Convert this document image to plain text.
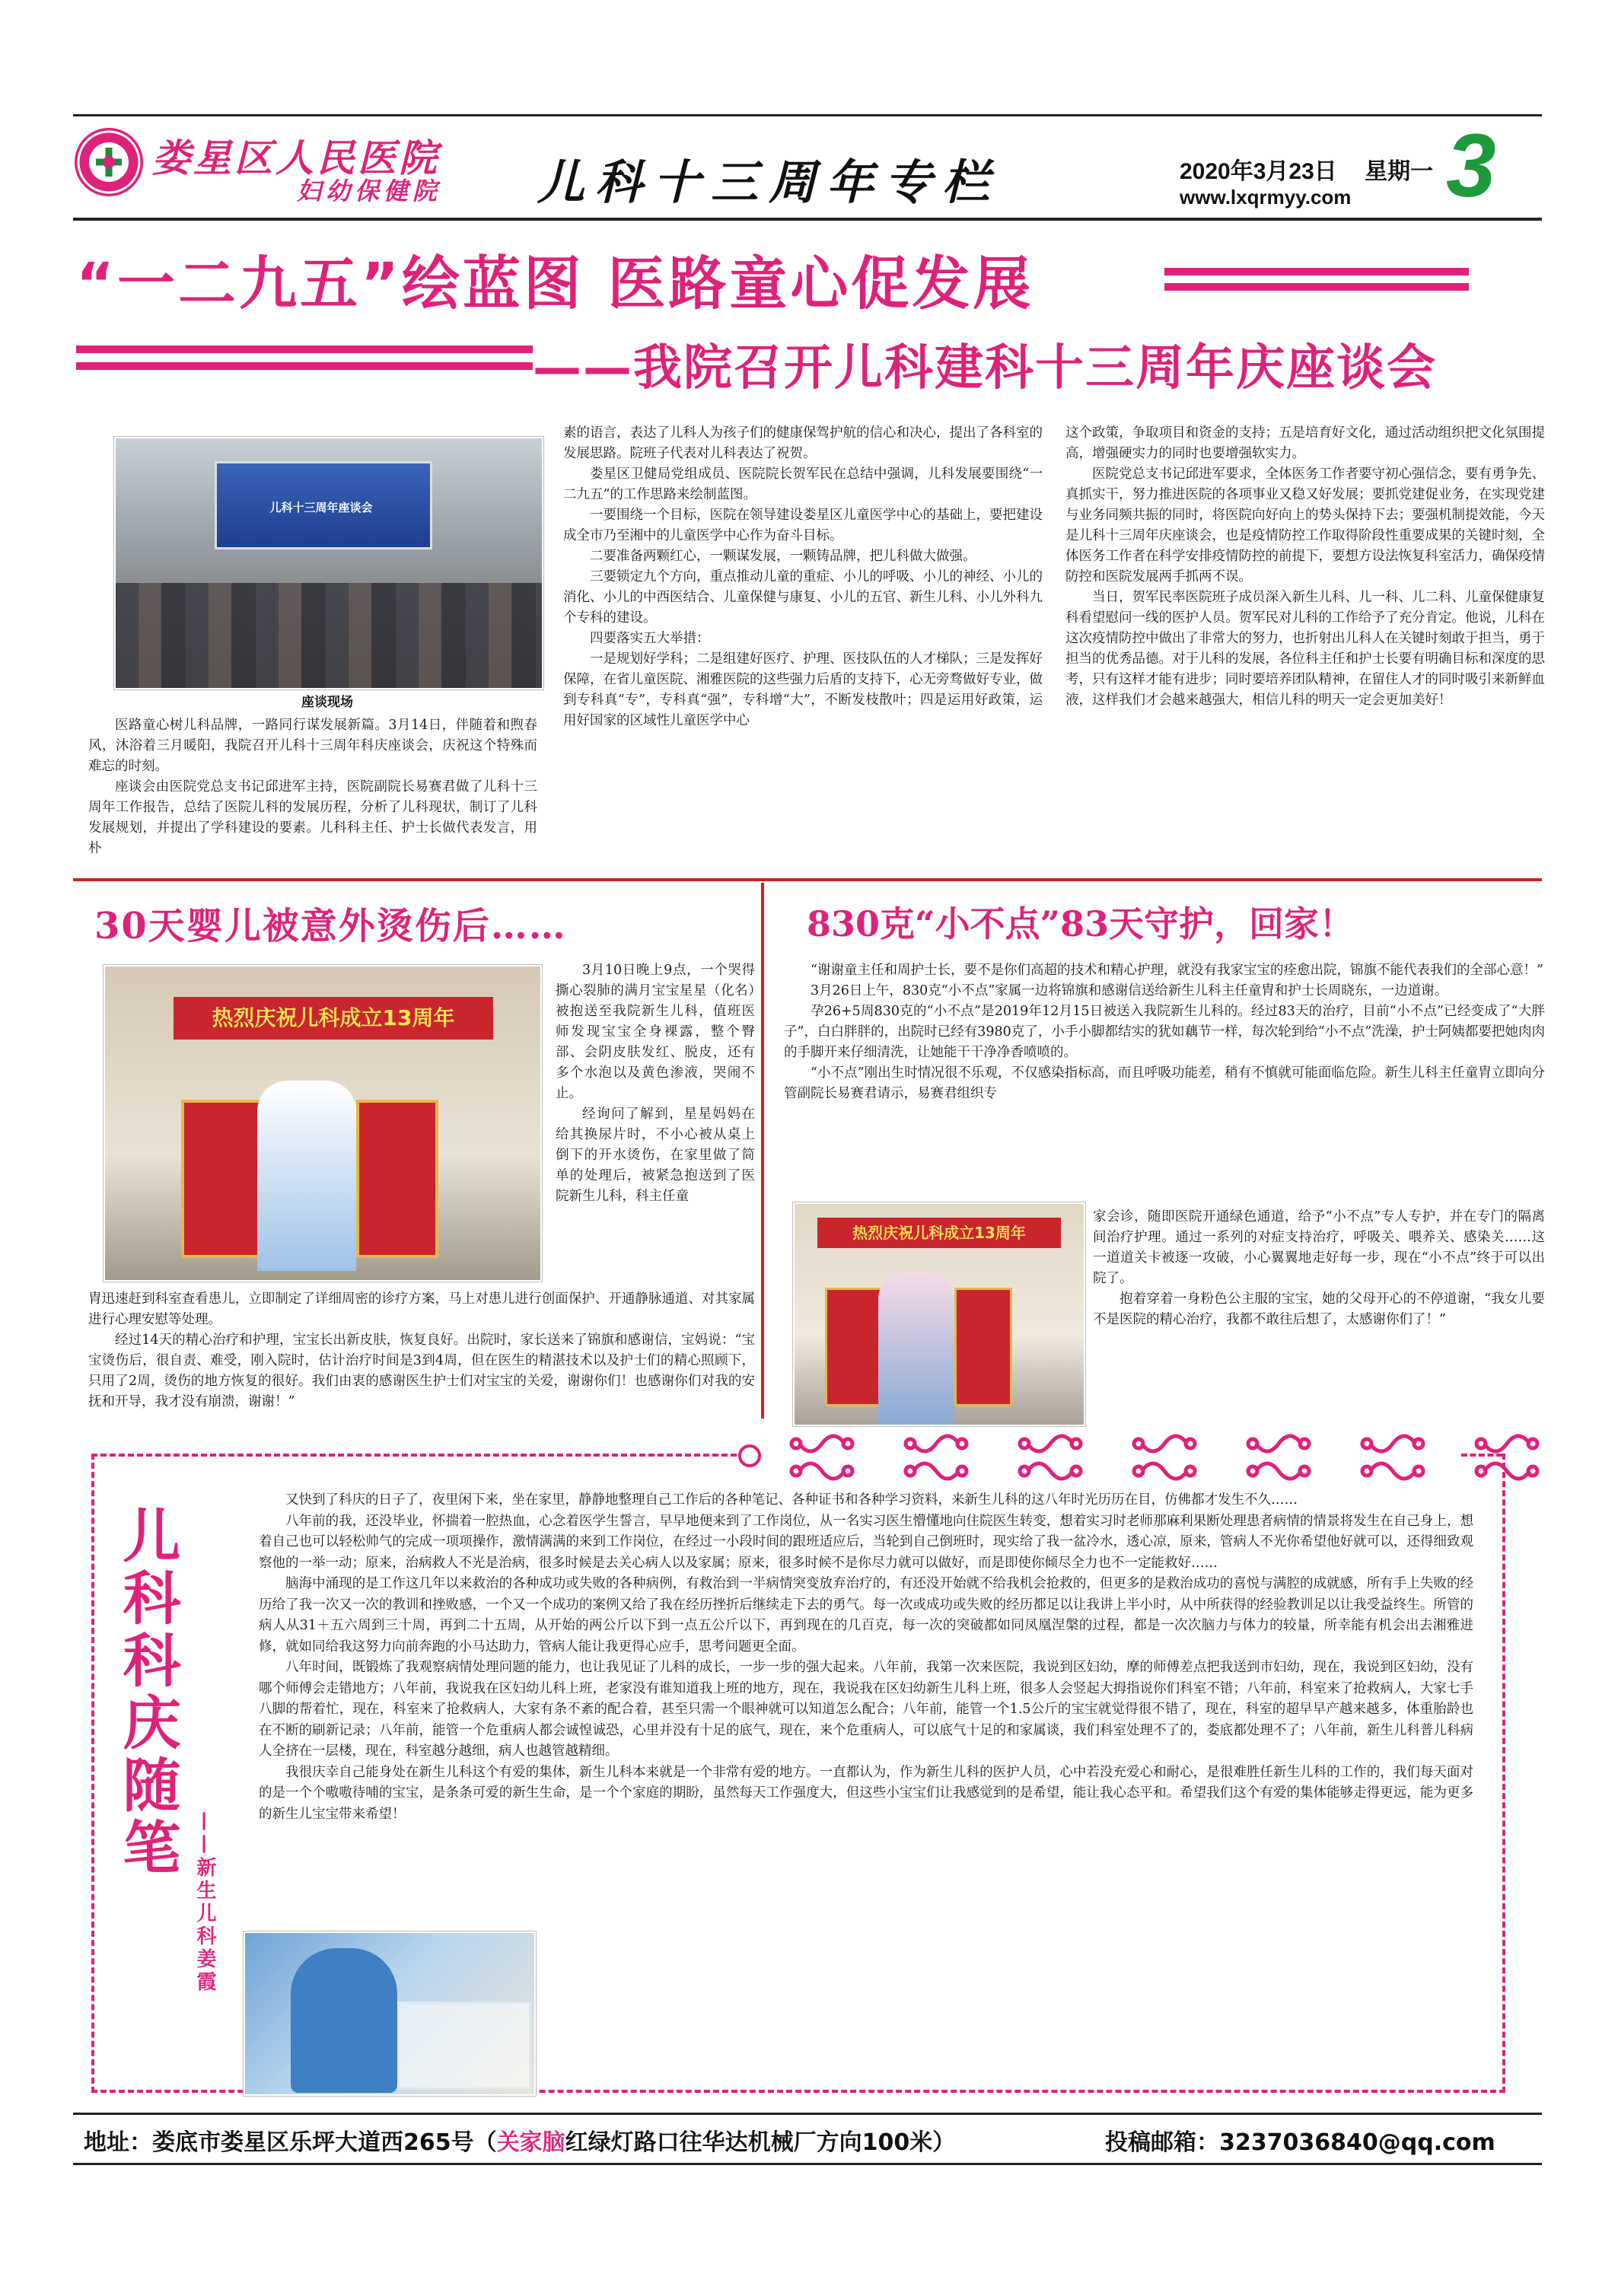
娄星区人民医院
妇幼保健院 儿科十三周年专栏	2020年3月23日 星期一
www.lxqrmyy.com 3
“一二九五”绘蓝图 医路童心促发展
——我院召开儿科建科十三周年庆座谈会
儿科十三周年座谈会
座谈现场

医路童心树儿科品牌，一路同行谋发展新篇。3月14日，伴随着和煦春风，沐浴着三月暖阳，我院召开儿科十三周年科庆座谈会，庆祝这个特殊而难忘的时刻。

座谈会由医院党总支书记邱进军主持，医院副院长易赛君做了儿科十三周年工作报告，总结了医院儿科的发展历程，分析了儿科现状，制订了儿科发展规划，并提出了学科建设的要素。儿科科主任、护士长做代表发言，用朴

素的语言，表达了儿科人为孩子们的健康保驾护航的信心和决心，提出了各科室的发展思路。院班子代表对儿科表达了祝贺。

娄星区卫健局党组成员、医院院长贺军民在总结中强调，儿科发展要围绕“一二九五”的工作思路来绘制蓝图。

一要围绕一个目标，医院在领导建设娄星区儿童医学中心的基础上，要把建设成全市乃至湘中的儿童医学中心作为奋斗目标。

二要准备两颗红心，一颗谋发展，一颗铸品牌，把儿科做大做强。

三要锁定九个方向，重点推动儿童的重症、小儿的呼吸、小儿的神经、小儿的消化、小儿的中西医结合、儿童保健与康复、小儿的五官、新生儿科、小儿外科九个专科的建设。

四要落实五大举措：

一是规划好学科；二是组建好医疗、护理、医技队伍的人才梯队；三是发挥好保障，在省儿童医院、湘雅医院的这些强力后盾的支持下，心无旁骛做好专业，做到专科真“专”，专科真“强”，专科增“大”，不断发枝散叶；四是运用好政策，运用好国家的区域性儿童医学中心

这个政策，争取项目和资金的支持；五是培育好文化，通过活动组织把文化氛围提高，增强硬实力的同时也要增强软实力。

医院党总支书记邱进军要求，全体医务工作者要守初心强信念，要有勇争先、真抓实干，努力推进医院的各项事业又稳又好发展；要抓党建促业务，在实现党建与业务同频共振的同时，将医院向好向上的势头保持下去；要强机制提效能，今天是儿科十三周年庆座谈会，也是疫情防控工作取得阶段性重要成果的关键时刻，全体医务工作者在科学安排疫情防控的前提下，要想方设法恢复科室活力，确保疫情防控和医院发展两手抓两不误。

当日，贺军民率医院班子成员深入新生儿科、儿一科、儿二科、儿童保健康复科看望慰问一线的医护人员。贺军民对儿科的工作给予了充分肯定。他说，儿科在这次疫情防控中做出了非常大的努力，也折射出儿科人在关键时刻敢于担当，勇于担当的优秀品德。对于儿科的发展，各位科主任和护士长要有明确目标和深度的思考，只有这样才能有进步；同时要培养团队精神，在留住人才的同时吸引来新鲜血液，这样我们才会越来越强大，相信儿科的明天一定会更加美好！

30天婴儿被意外烫伤后……
热烈庆祝儿科成立13周年

3月10日晚上9点，一个哭得撕心裂肺的满月宝宝星星（化名）被抱送至我院新生儿科，值班医师发现宝宝全身裸露，整个臀部、会阴皮肤发红、脱皮，还有多个水泡以及黄色渗液，哭闹不止。

经询问了解到，星星妈妈在给其换尿片时，不小心被从桌上倒下的开水烫伤，在家里做了简单的处理后，被紧急抱送到了医院新生儿科，科主任童

胄迅速赶到科室查看患儿，立即制定了详细周密的诊疗方案，马上对患儿进行创面保护、开通静脉通道、对其家属进行心理安慰等处理。

经过14天的精心治疗和护理，宝宝长出新皮肤，恢复良好。出院时，家长送来了锦旗和感谢信，宝妈说：“宝宝烫伤后，很自责、难受，刚入院时，估计治疗时间是3到4周，但在医生的精湛技术以及护士们的精心照顾下，只用了2周，烫伤的地方恢复的很好。我们由衷的感谢医生护士们对宝宝的关爱，谢谢你们！也感谢你们对我的安抚和开导，我才没有崩溃，谢谢！”

830克“小不点”83天守护，回家！

“谢谢童主任和周护士长，要不是你们高超的技术和精心护理，就没有我家宝宝的痊愈出院，锦旗不能代表我们的全部心意！”

3月26日上午，830克“小不点”家属一边将锦旗和感谢信送给新生儿科主任童胄和护士长周晓东，一边道谢。

孕26+5周830克的“小不点”是2019年12月15日被送入我院新生儿科的。经过83天的治疗，目前“小不点”已经变成了“大胖子”，白白胖胖的，出院时已经有3980克了，小手小脚都结实的犹如藕节一样，每次轮到给“小不点”洗澡，护士阿姨都要把她肉肉的手脚开来仔细清洗，让她能干干净净香喷喷的。

“小不点”刚出生时情况很不乐观，不仅感染指标高，而且呼吸功能差，稍有不慎就可能面临危险。新生儿科主任童胄立即向分管副院长易赛君请示，易赛君组织专

热烈庆祝儿科成立13周年

家会诊，随即医院开通绿色通道，给予“小不点”专人专护，并在专门的隔离间治疗护理。通过一系列的对症支持治疗，呼吸关、喂养关、感染关……这一道道关卡被逐一攻破，小心翼翼地走好每一步，现在“小不点”终于可以出院了。

抱着穿着一身粉色公主服的宝宝，她的父母开心的不停道谢，“我女儿要不是医院的精心治疗，我都不敢往后想了，太感谢你们了！”

儿科科庆随笔
——新生儿科姜霞

又快到了科庆的日子了，夜里闲下来，坐在家里，静静地整理自己工作后的各种笔记、各种证书和各种学习资料，来新生儿科的这八年时光历历在目，仿佛都才发生不久……

八年前的我，还没毕业，怀揣着一腔热血，心念着医学生誓言，早早地便来到了工作岗位，从一名实习医生懵懂地向住院医生转变，想着实习时老师那麻利果断处理患者病情的情景将发生在自己身上，想着自己也可以轻松帅气的完成一项项操作，激情满满的来到工作岗位，在经过一小段时间的跟班适应后，当轮到自己倒班时，现实给了我一盆冷水，透心凉，原来，管病人不光你希望他好就可以，还得细致观察他的一举一动；原来，治病救人不光是治病，很多时候是去关心病人以及家属；原来，很多时候不是你尽力就可以做好，而是即使你倾尽全力也不一定能救好……

脑海中涌现的是工作这几年以来救治的各种成功或失败的各种病例，有救治到一半病情突变放弃治疗的，有还没开始就不给我机会抢救的，但更多的是救治成功的喜悦与满腔的成就感，所有手上失败的经历给了我一次又一次的教训和挫败感，一个又一个成功的案例又给了我在经历挫折后继续走下去的勇气。每一次或成功或失败的经历都足以让我讲上半小时，从中所获得的经验教训足以让我受益终生。所管的病人从31＋五六周到三十周，再到二十五周，从开始的两公斤以下到一点五公斤以下，再到现在的几百克，每一次的突破都如同凤凰涅槃的过程，都是一次次脑力与体力的较量，所幸能有机会出去湘雅进修，就如同给我这努力向前奔跑的小马达助力，管病人能让我更得心应手，思考问题更全面。

八年时间，既锻炼了我观察病情处理问题的能力，也让我见证了儿科的成长，一步一步的强大起来。八年前，我第一次来医院，我说到区妇幼，摩的师傅差点把我送到市妇幼，现在，我说到区妇幼，没有哪个师傅会走错地方；八年前，我说我在区妇幼儿科上班，老家没有谁知道我上班的地方，现在，我说我在区妇幼新生儿科上班，很多人会竖起大拇指说你们科室不错；八年前，科室来了抢救病人，大家七手八脚的帮着忙，现在，科室来了抢救病人，大家有条不紊的配合着，甚至只需一个眼神就可以知道怎么配合；八年前，能管一个1.5公斤的宝宝就觉得很不错了，现在，科室的超早早产越来越多，体重胎龄也在不断的刷新记录；八年前，能管一个危重病人都会诚惶诚恐，心里并没有十足的底气，现在，来个危重病人，可以底气十足的和家属谈，我们科室处理不了的，娄底都处理不了；八年前，新生儿科普儿科病人全挤在一层楼，现在，科室越分越细，病人也越管越精细。

我很庆幸自己能身处在新生儿科这个有爱的集体，新生儿科本来就是一个非常有爱的地方。一直都认为，作为新生儿科的医护人员，心中若没充爱心和耐心，是很难胜任新生儿科的工作的，我们每天面对的是一个个嗷嗷待哺的宝宝，是条条可爱的新生生命，是一个个家庭的期盼，虽然每天工作强度大，但这些小宝宝们让我感觉到的是希望，能让我心态平和。希望我们这个有爱的集体能够走得更远，能为更多的新生儿宝宝带来希望！

地址：娄底市娄星区乐坪大道西265号（关家脑红绿灯路口往华达机械厂方向100米）	投稿邮箱：3237036840@qq.com
